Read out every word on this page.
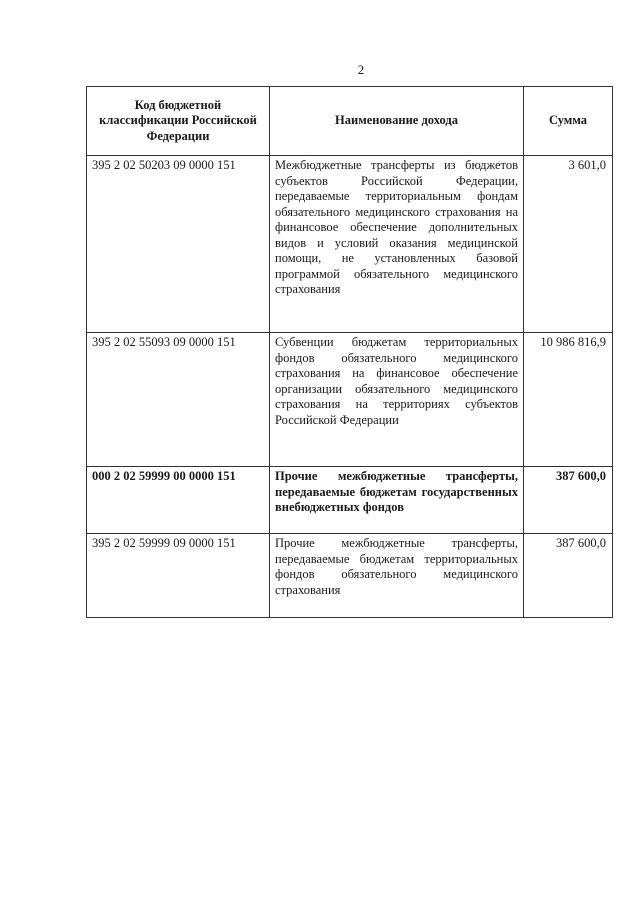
2
Код бюджетной классификации Российской Федерации	Наименование дохода	Сумма
395 2 02 50203 09 0000 151	Межбюджетные трансферты из бюджетов субъектов Российской Федерации, передаваемые территориальным фондам обязательного медицинского страхования на финансовое обеспечение дополнительных видов и условий оказания медицинской помощи, не установленных базовой программой обязательного медицинского страхования	3 601,0
395 2 02 55093 09 0000 151	Субвенции бюджетам территориальных фондов обязательного медицинского страхования на финансовое обеспечение организации обязательного медицинского страхования на территориях субъектов Российской Федерации	10 986 816,9
000 2 02 59999 00 0000 151	Прочие межбюджетные трансферты, передаваемые бюджетам государственных внебюджетных фондов	387 600,0
395 2 02 59999 09 0000 151	Прочие межбюджетные трансферты, передаваемые бюджетам территориальных фондов обязательного медицинского страхования	387 600,0
